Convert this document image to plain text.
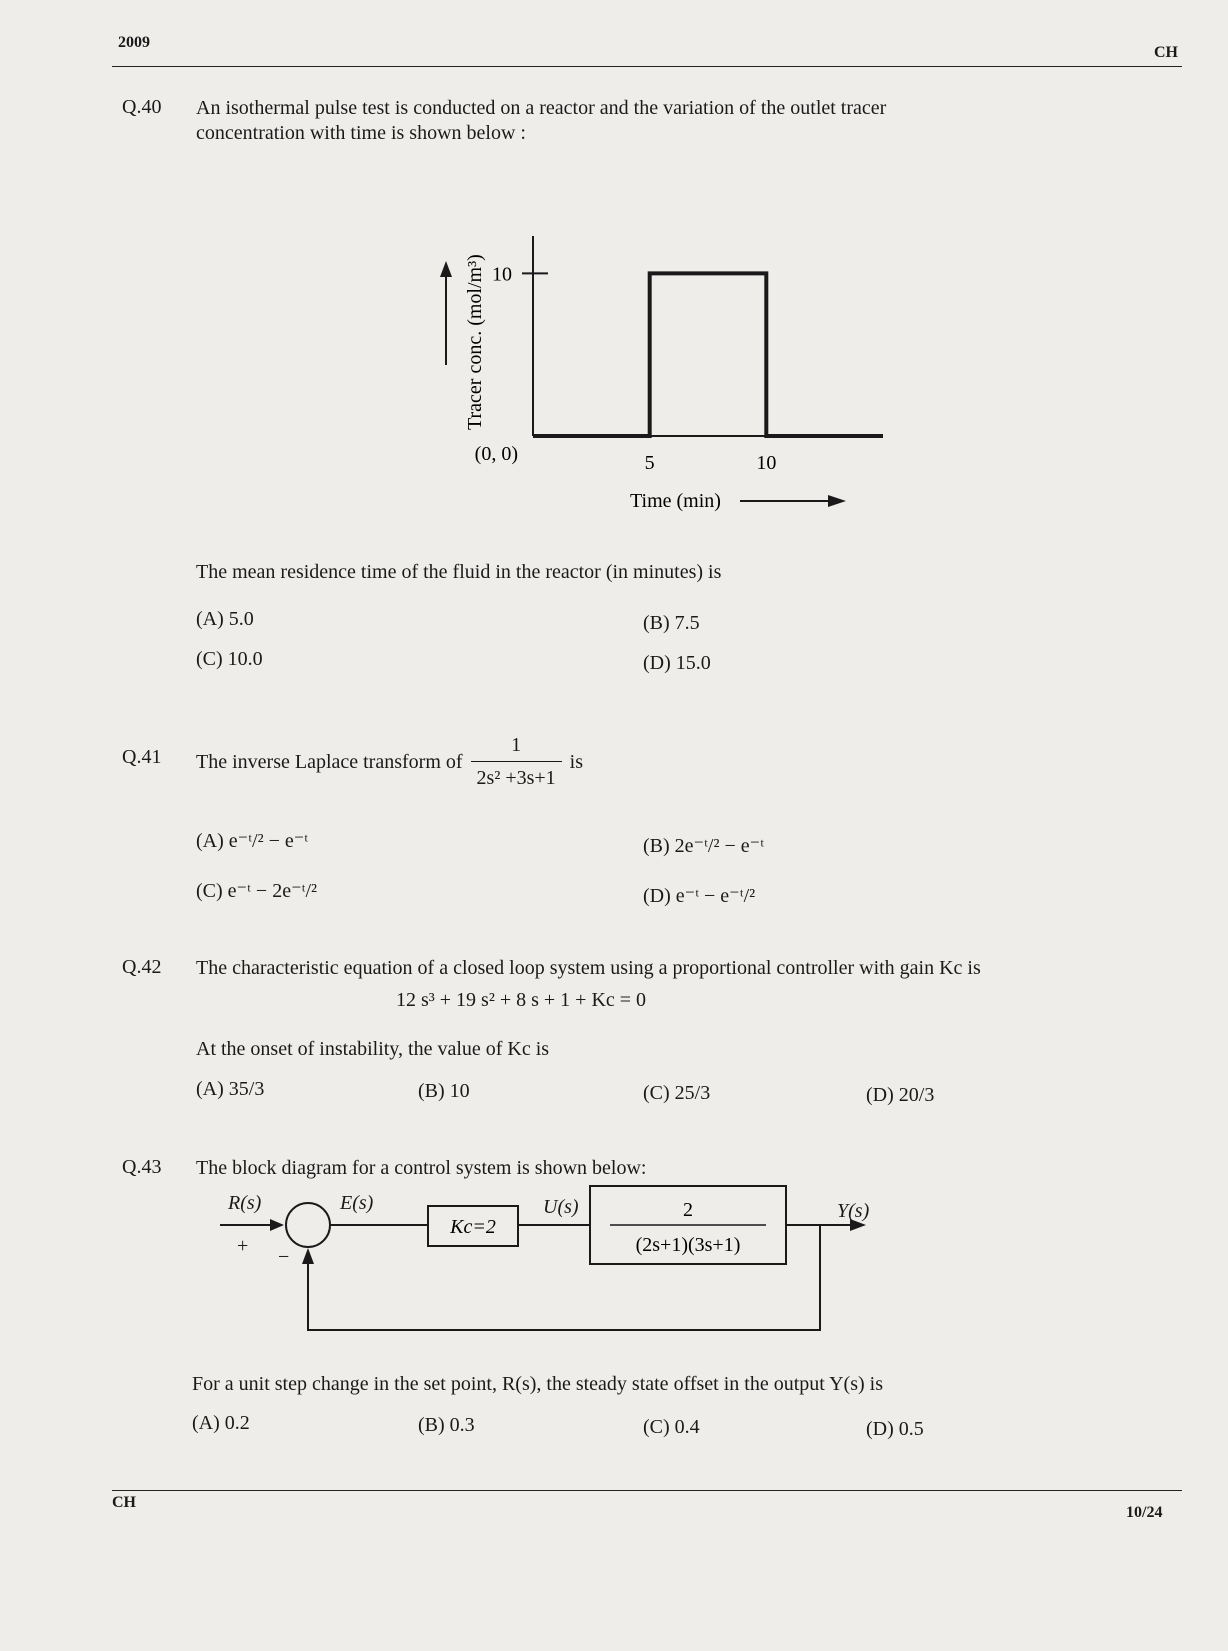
2009
CH
Q.40 An isothermal pulse test is conducted on a reactor and the variation of the outlet tracer
concentration with time is shown below :
10
(0, 0)	5	10
Tracer conc. (mol/m³)
Time (min)
The mean residence time of the fluid in the reactor (in minutes) is
(A) 5.0	(B) 7.5
(C) 10.0	(D) 15.0
Q.41 The inverse Laplace transform of $\frac{1}{\text{2s² +3s+1}}$ is
(A) e⁻ᵗ/² − e⁻ᵗ	(B) 2e⁻ᵗ/² − e⁻ᵗ
(C) e⁻ᵗ − 2e⁻ᵗ/²	(D) e⁻ᵗ − e⁻ᵗ/²
Q.42 The characteristic equation of a closed loop system using a proportional controller with gain Kc is
12 s³ + 19 s² + 8 s + 1 + Kc = 0
At the onset of instability, the value of Kc is
(A) 35/3	(B) 10	(C) 25/3	(D) 20/3
Q.43 The block diagram for a control system is shown below:
R(s)	E(s)	U(s)	Y(s)
+ −
Kc=2
2
(2s+1)(3s+1)
For a unit step change in the set point, R(s), the steady state offset in the output Y(s) is
(A) 0.2	(B) 0.3	(C) 0.4	(D) 0.5
CH
10/24
